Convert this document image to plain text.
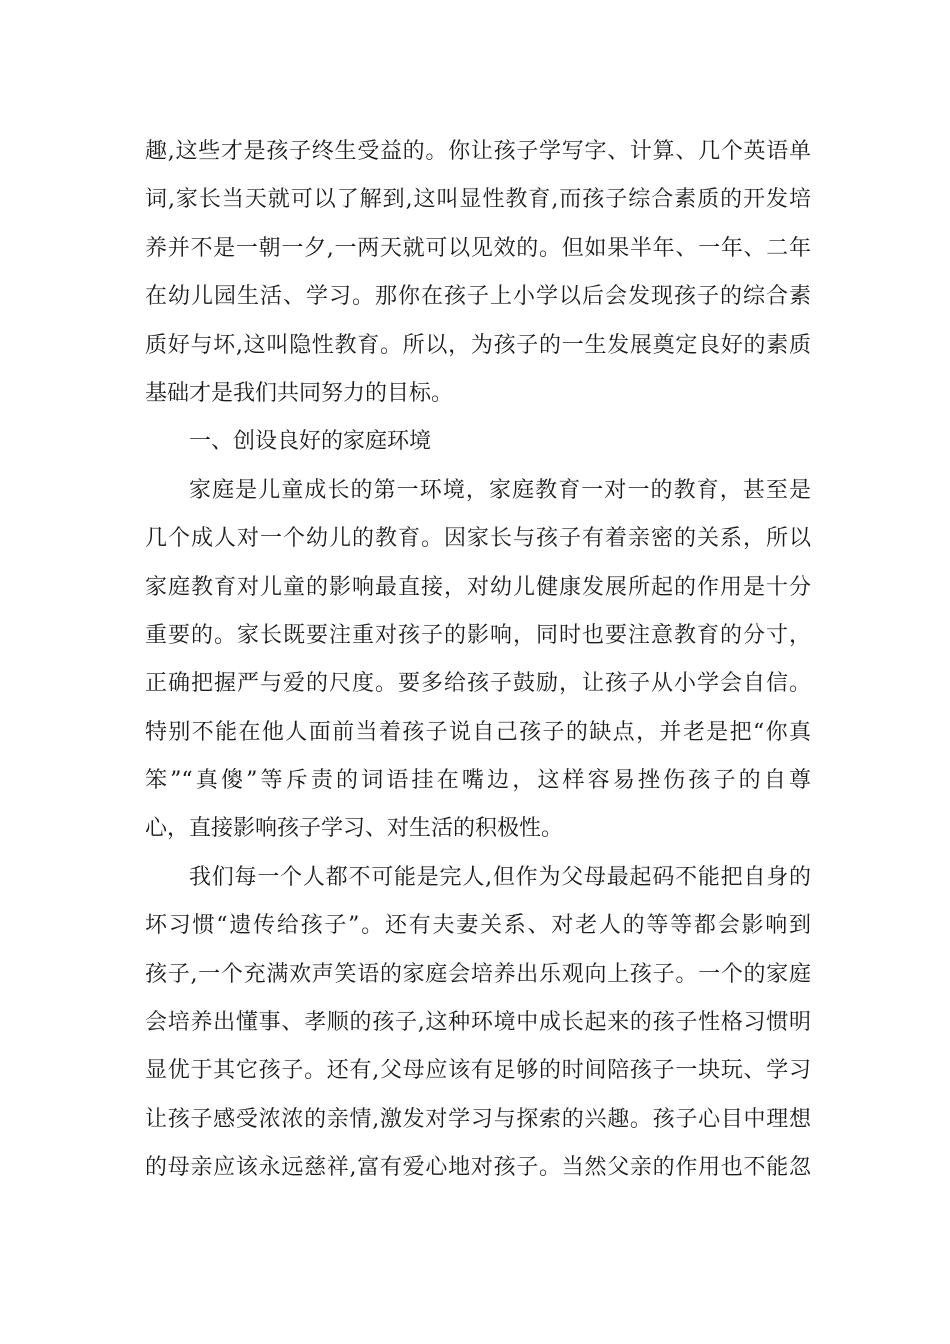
趣,这些才是孩子终生受益的。你让孩子学写字、计算、几个英语单
词,家长当天就可以了解到,这叫显性教育,而孩子综合素质的开发培
养并不是一朝一夕,一两天就可以见效的。但如果半年、一年、二年
在幼儿园生活、学习。那你在孩子上小学以后会发现孩子的综合素
质好与坏,这叫隐性教育。所以，为孩子的一生发展奠定良好的素质
基础才是我们共同努力的目标。
一、创设良好的家庭环境
家庭是儿童成长的第一环境，家庭教育一对一的教育，甚至是
几个成人对一个幼儿的教育。因家长与孩子有着亲密的关系，所以
家庭教育对儿童的影响最直接，对幼儿健康发展所起的作用是十分
重要的。家长既要注重对孩子的影响，同时也要注意教育的分寸，
正确把握严与爱的尺度。要多给孩子鼓励，让孩子从小学会自信。
特别不能在他人面前当着孩子说自己孩子的缺点，并老是把“你真
笨”“真傻”等斥责的词语挂在嘴边，这样容易挫伤孩子的自尊
心，直接影响孩子学习、对生活的积极性。
我们每一个人都不可能是完人,但作为父母最起码不能把自身的
坏习惯“遗传给孩子”。还有夫妻关系、对老人的等等都会影响到
孩子,一个充满欢声笑语的家庭会培养出乐观向上孩子。一个的家庭
会培养出懂事、孝顺的孩子,这种环境中成长起来的孩子性格习惯明
显优于其它孩子。还有,父母应该有足够的时间陪孩子一块玩、学习
让孩子感受浓浓的亲情,激发对学习与探索的兴趣。孩子心目中理想
的母亲应该永远慈祥,富有爱心地对孩子。当然父亲的作用也不能忽
